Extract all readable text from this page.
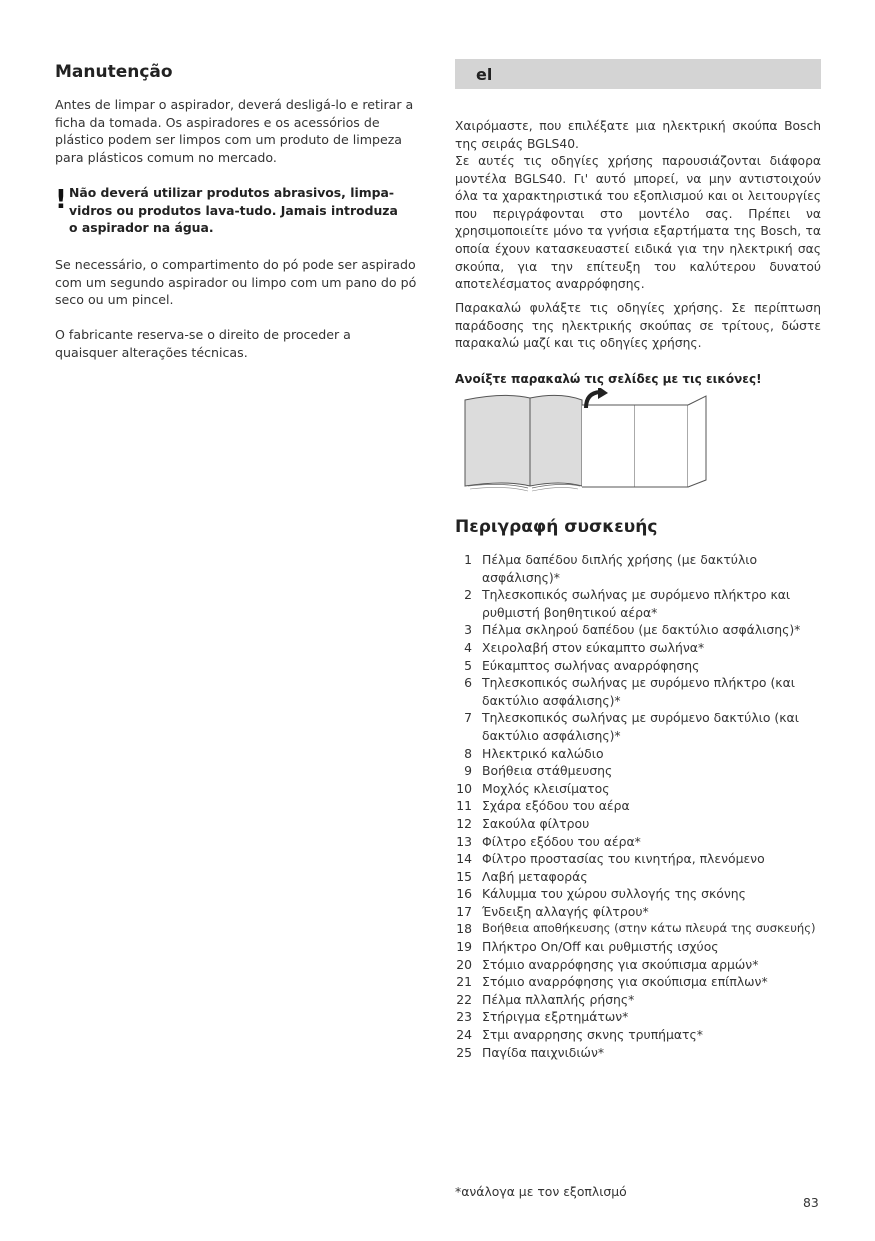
Manutenção

Antes de limpar o aspirador, deverá desligá-lo e retirar a ficha da tomada. Os aspiradores e os acessórios de plástico podem ser limpos com um produto de limpeza para plásticos comum no mercado.

! Não deverá utilizar produtos abrasivos, limpa-vidros ou produtos lava-tudo. Jamais introduza o aspirador na água.

Se necessário, o compartimento do pó pode ser aspirado com um segundo aspirador ou limpo com um pano do pó seco ou um pincel.

O fabricante reserva-se o direito de proceder a quaisquer alterações técnicas.

el

Χαιρόμαστε, που επιλέξατε μια ηλεκτρική σκούπα Bosch της σειράς BGLS40.

Σε αυτές τις οδηγίες χρήσης παρουσιάζονται διάφορα μοντέλα BGLS40. Γι' αυτό μπορεί, να μην αντιστοιχούν όλα τα χαρακτηριστικά του εξοπλισμού και οι λειτουργίες που περιγράφονται στο μοντέλο σας. Πρέπει να χρησιμοποιείτε μόνο τα γνήσια εξαρτήματα της Bosch, τα οποία έχουν κατασκευαστεί ειδικά για την ηλεκτρική σας σκούπα, για την επίτευξη του καλύτερου δυνατού αποτελέσματος αναρρόφησης.

Παρακαλώ φυλάξτε τις οδηγίες χρήσης. Σε περίπτωση παράδοσης της ηλεκτρικής σκούπας σε τρίτους, δώστε παρακαλώ μαζί και τις οδηγίες χρήσης.

Ανοίξτε παρακαλώ τις σελίδες με τις εικόνες!
Περιγραφή συσκευής
1 Πέλμα δαπέδου διπλής χρήσης (με δακτύλιο ασφάλισης)*
2 Τηλεσκοπικός σωλήνας με συρόμενο πλήκτρο και ρυθμιστή βοηθητικού αέρα*
3 Πέλμα σκληρού δαπέδου (με δακτύλιο ασφάλισης)*
4 Χειρολαβή στον εύκαμπτο σωλήνα*
5 Εύκαμπτος σωλήνας αναρρόφησης
6 Τηλεσκοπικός σωλήνας με συρόμενο πλήκτρο (και δακτύλιο ασφάλισης)*
7 Τηλεσκοπικός σωλήνας με συρόμενο δακτύλιο (και δακτύλιο ασφάλισης)*
8 Ηλεκτρικό καλώδιο
9 Βοήθεια στάθμευσης
10 Μοχλός κλεισίματος
11 Σχάρα εξόδου του αέρα
12 Σακούλα φίλτρου
13 Φίλτρο εξόδου του αέρα*
14 Φίλτρο προστασίας του κινητήρα, πλενόμενο
15 Λαβή μεταφοράς
16 Κάλυμμα του χώρου συλλογής της σκόνης
17 Ένδειξη αλλαγής φίλτρου*
18 Βοήθεια αποθήκευσης (στην κάτω πλευρά της συσκευής)
19 Πλήκτρο On/Off και ρυθμιστής ισχύος
20 Στόμιο αναρρόφησης για σκούπισμα αρμών*
21 Στόμιο αναρρόφησης για σκούπισμα επίπλων*
22 Πέλμα πλλαπλής ρήσης*
23 Στήριγμα εξρτημάτων*
24 Στμι αναρρησης σκνης τρυπήματς*
25 Παγίδα παιχνιδιών*
*ανάλογα με τον εξοπλισμό
83
